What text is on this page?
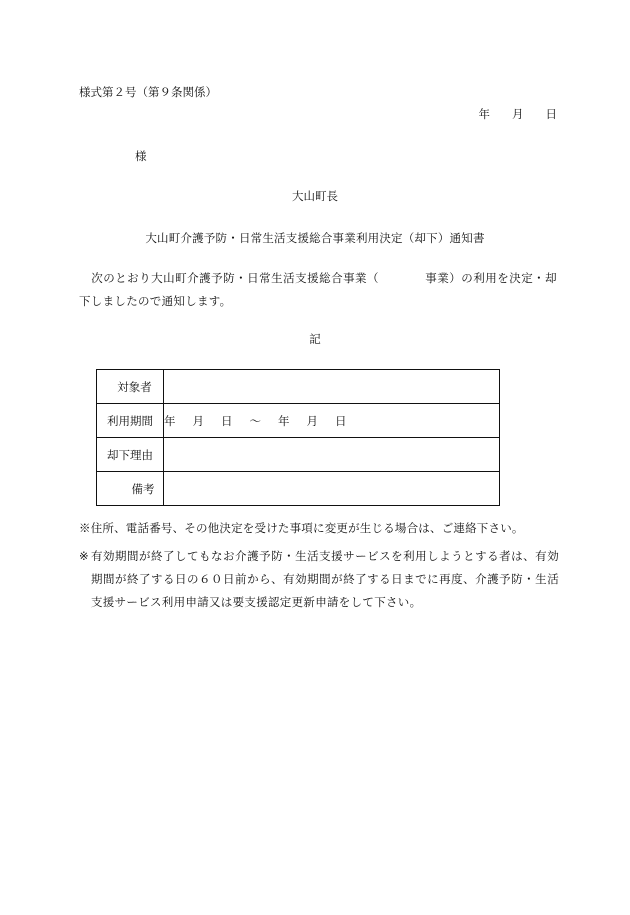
様式第２号（第９条関係）
年 月 日
様
大山町長
大山町介護予防・日常生活支援総合事業利用決定（却下）通知書
次のとおり大山町介護予防・日常生活支援総合事業（	事業）の利用を決定・却下しましたので通知します。
記
対象者	
利用期間	年 月 日 〜 年 月 日
却下理由	
備考	
※住所、電話番号、その他決定を受けた事項に変更が生じる場合は、ご連絡下さい。
※ 有効期間が終了してもなお介護予防・生活支援サービスを利用しようとする者は、有効期間が終了する日の６０日前から、有効期間が終了する日までに再度、介護予防・生活支援サービス利用申請又は要支援認定更新申請をして下さい。
